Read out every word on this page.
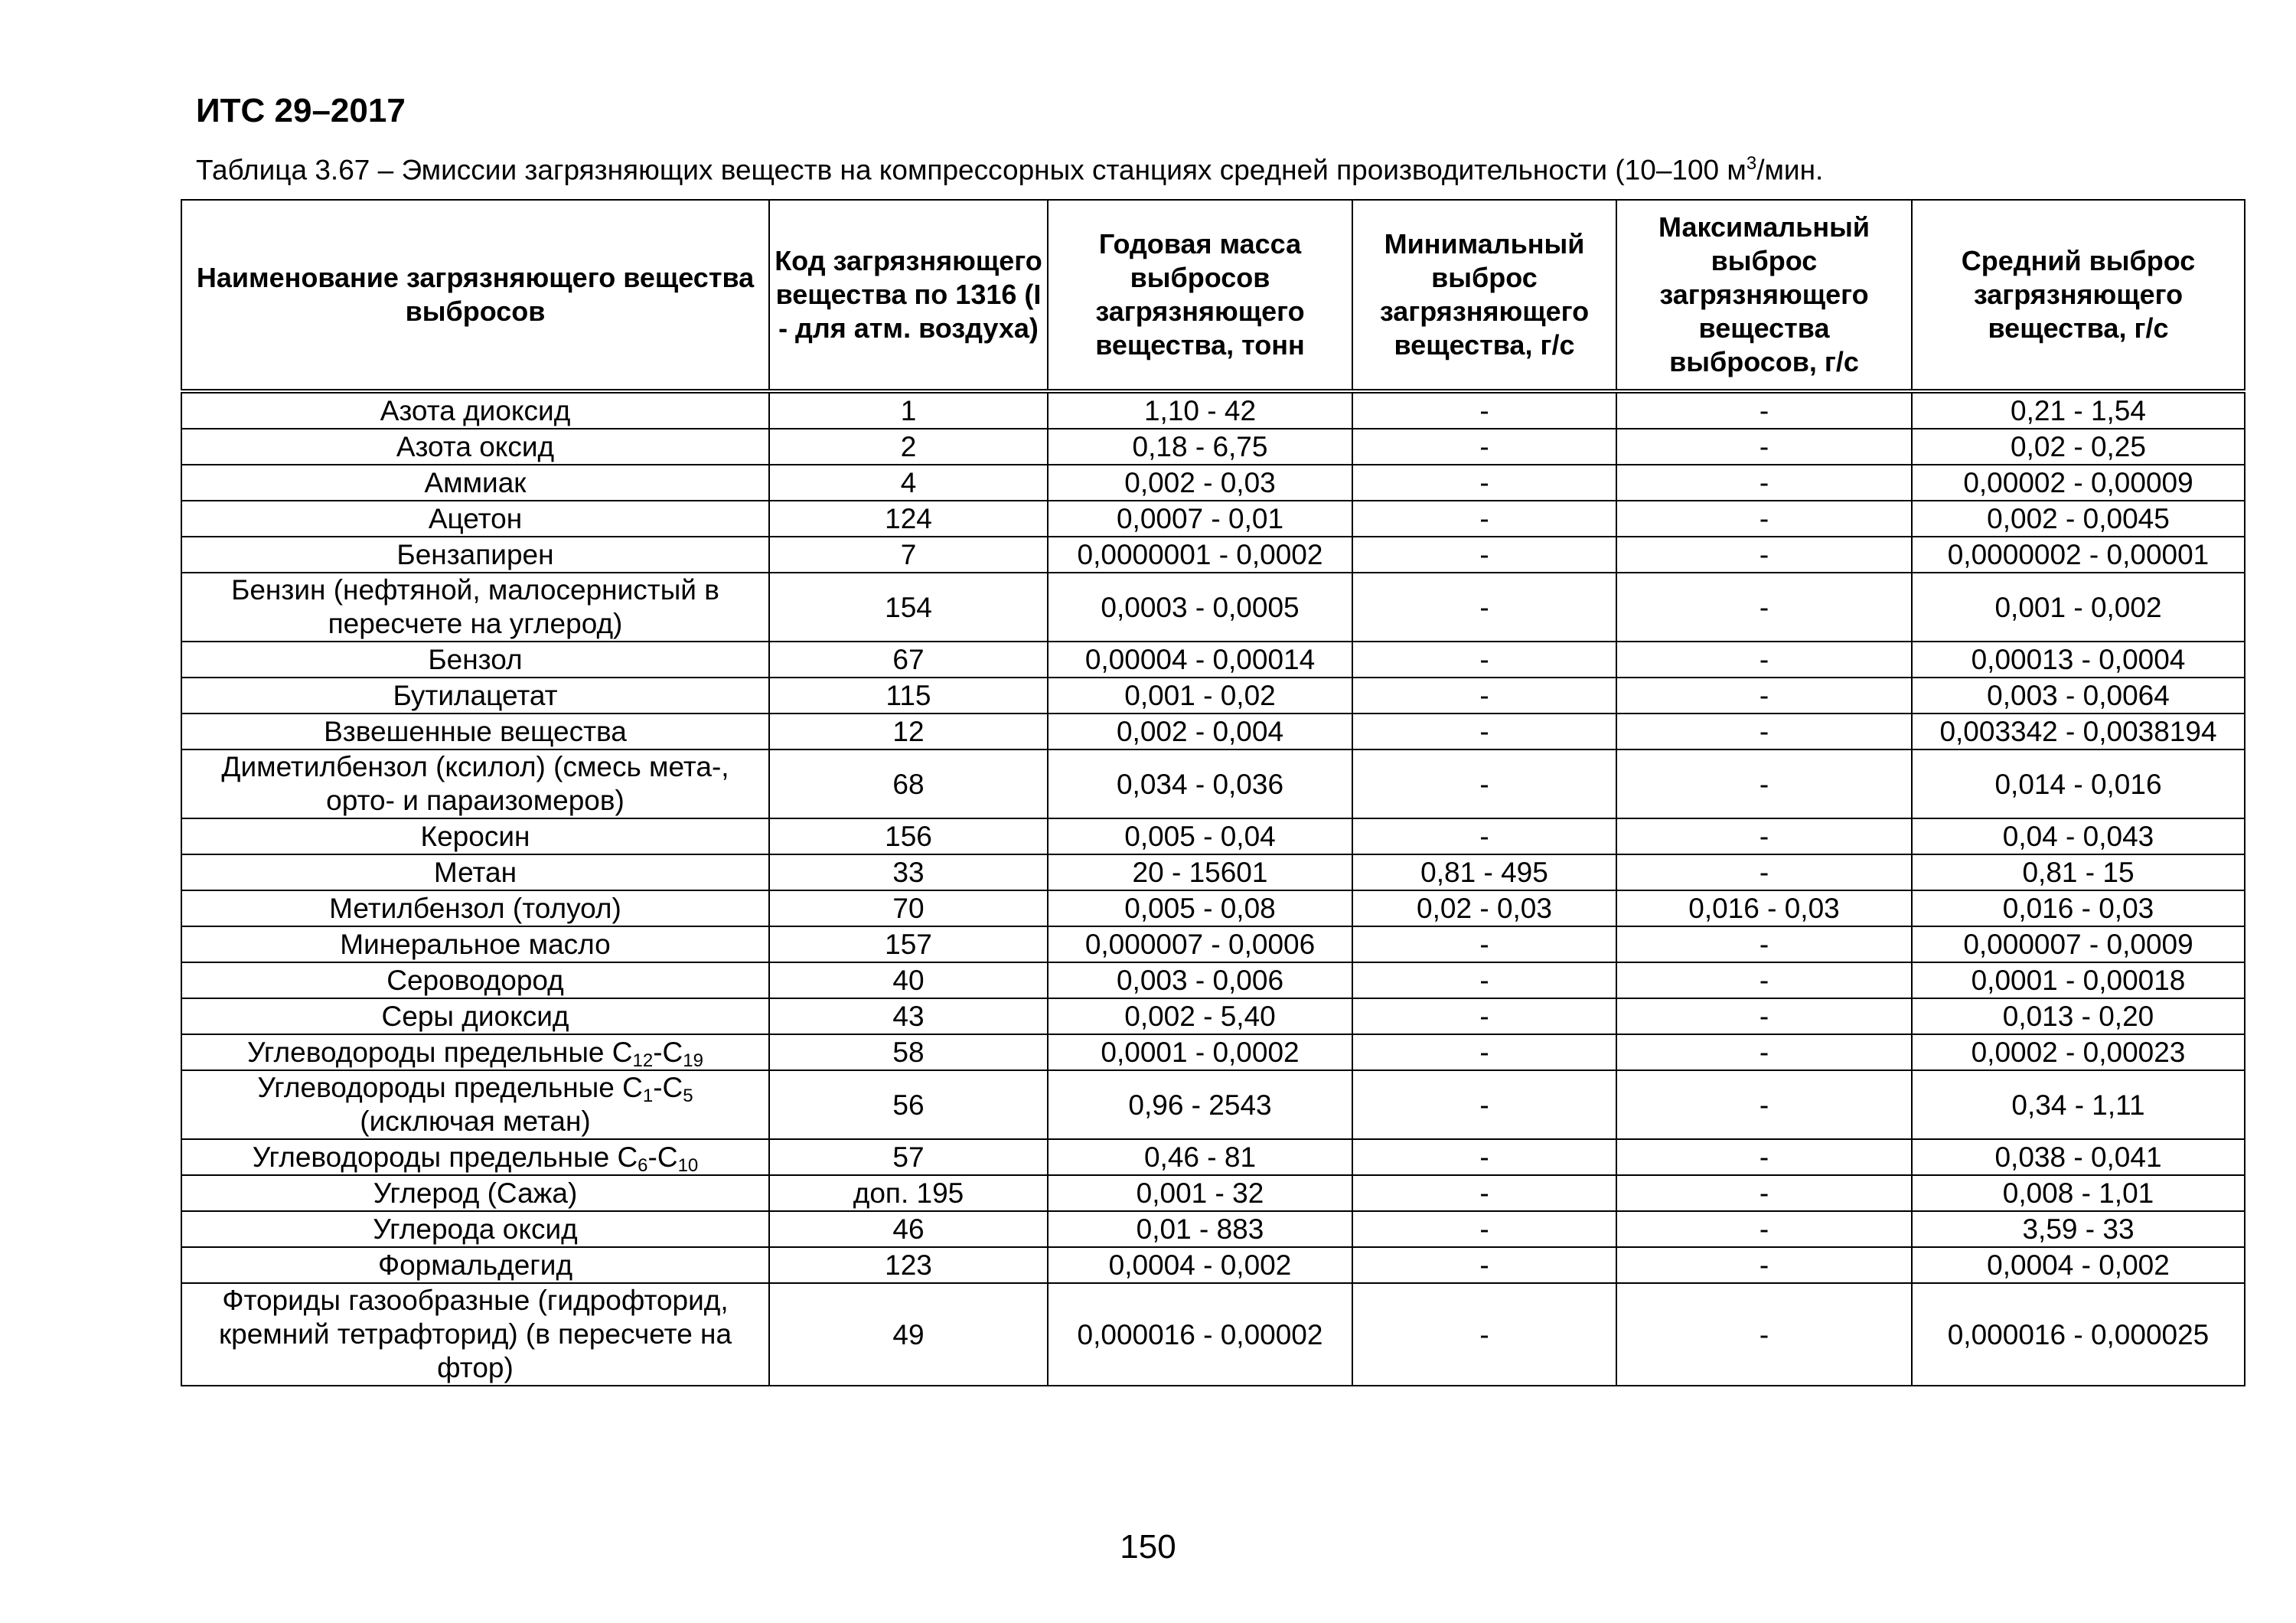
ИТС 29–2017

Таблица 3.67 – Эмиссии загрязняющих веществ на компрессорных станциях средней производительности (10–100 $м^3$/мин.

Наименование загрязняющего вещества выбросов	Код загрязняющего вещества по 1316 (I - для атм. воздуха)	Годовая масса выбросов загрязняющего вещества, тонн	Минимальный выброс загрязняющего вещества, г/с	Максимальный выброс загрязняющего вещества выбросов, г/с	Средний выброс загрязняющего вещества, г/с
Азота диоксид	1	1,10 - 42	-	-	0,21 - 1,54
Азота оксид	2	0,18 - 6,75	-	-	0,02 - 0,25
Аммиак	4	0,002 - 0,03	-	-	0,00002 - 0,00009
Ацетон	124	0,0007 - 0,01	-	-	0,002 - 0,0045
Бензапирен	7	0,0000001 - 0,0002	-	-	0,0000002 - 0,00001
Бензин (нефтяной, малосернистый в пересчете на углерод)	154	0,0003 - 0,0005	-	-	0,001 - 0,002
Бензол	67	0,00004 - 0,00014	-	-	0,00013 - 0,0004
Бутилацетат	115	0,001 - 0,02	-	-	0,003 - 0,0064
Взвешенные вещества	12	0,002 - 0,004	-	-	0,003342 - 0,0038194
Диметилбензол (ксилол) (смесь мета-, орто- и параизомеров)	68	0,034 - 0,036	-	-	0,014 - 0,016
Керосин	156	0,005 - 0,04	-	-	0,04 - 0,043
Метан	33	20 - 15601	0,81 - 495	-	0,81 - 15
Метилбензол (толуол)	70	0,005 - 0,08	0,02 - 0,03	0,016 - 0,03	0,016 - 0,03
Минеральное масло	157	0,000007 - 0,0006	-	-	0,000007 - 0,0009
Сероводород	40	0,003 - 0,006	-	-	0,0001 - 0,00018
Серы диоксид	43	0,002 - 5,40	-	-	0,013 - 0,20
Углеводороды предельные $C_{12}-C_{19}$	58	0,0001 - 0,0002	-	-	0,0002 - 0,00023
Углеводороды предельные $C_1-C_5$ (исключая метан)	56	0,96 - 2543	-	-	0,34 - 1,11
Углеводороды предельные $C_6-C_{10}$	57	0,46 - 81	-	-	0,038 - 0,041
Углерод (Сажа)	доп. 195	0,001 - 32	-	-	0,008 - 1,01
Углерода оксид	46	0,01 - 883	-	-	3,59 - 33
Формальдегид	123	0,0004 - 0,002	-	-	0,0004 - 0,002
Фториды газообразные (гидрофторид, кремний тетрафторид) (в пересчете на фтор)	49	0,000016 - 0,00002	-	-	0,000016 - 0,000025
150
